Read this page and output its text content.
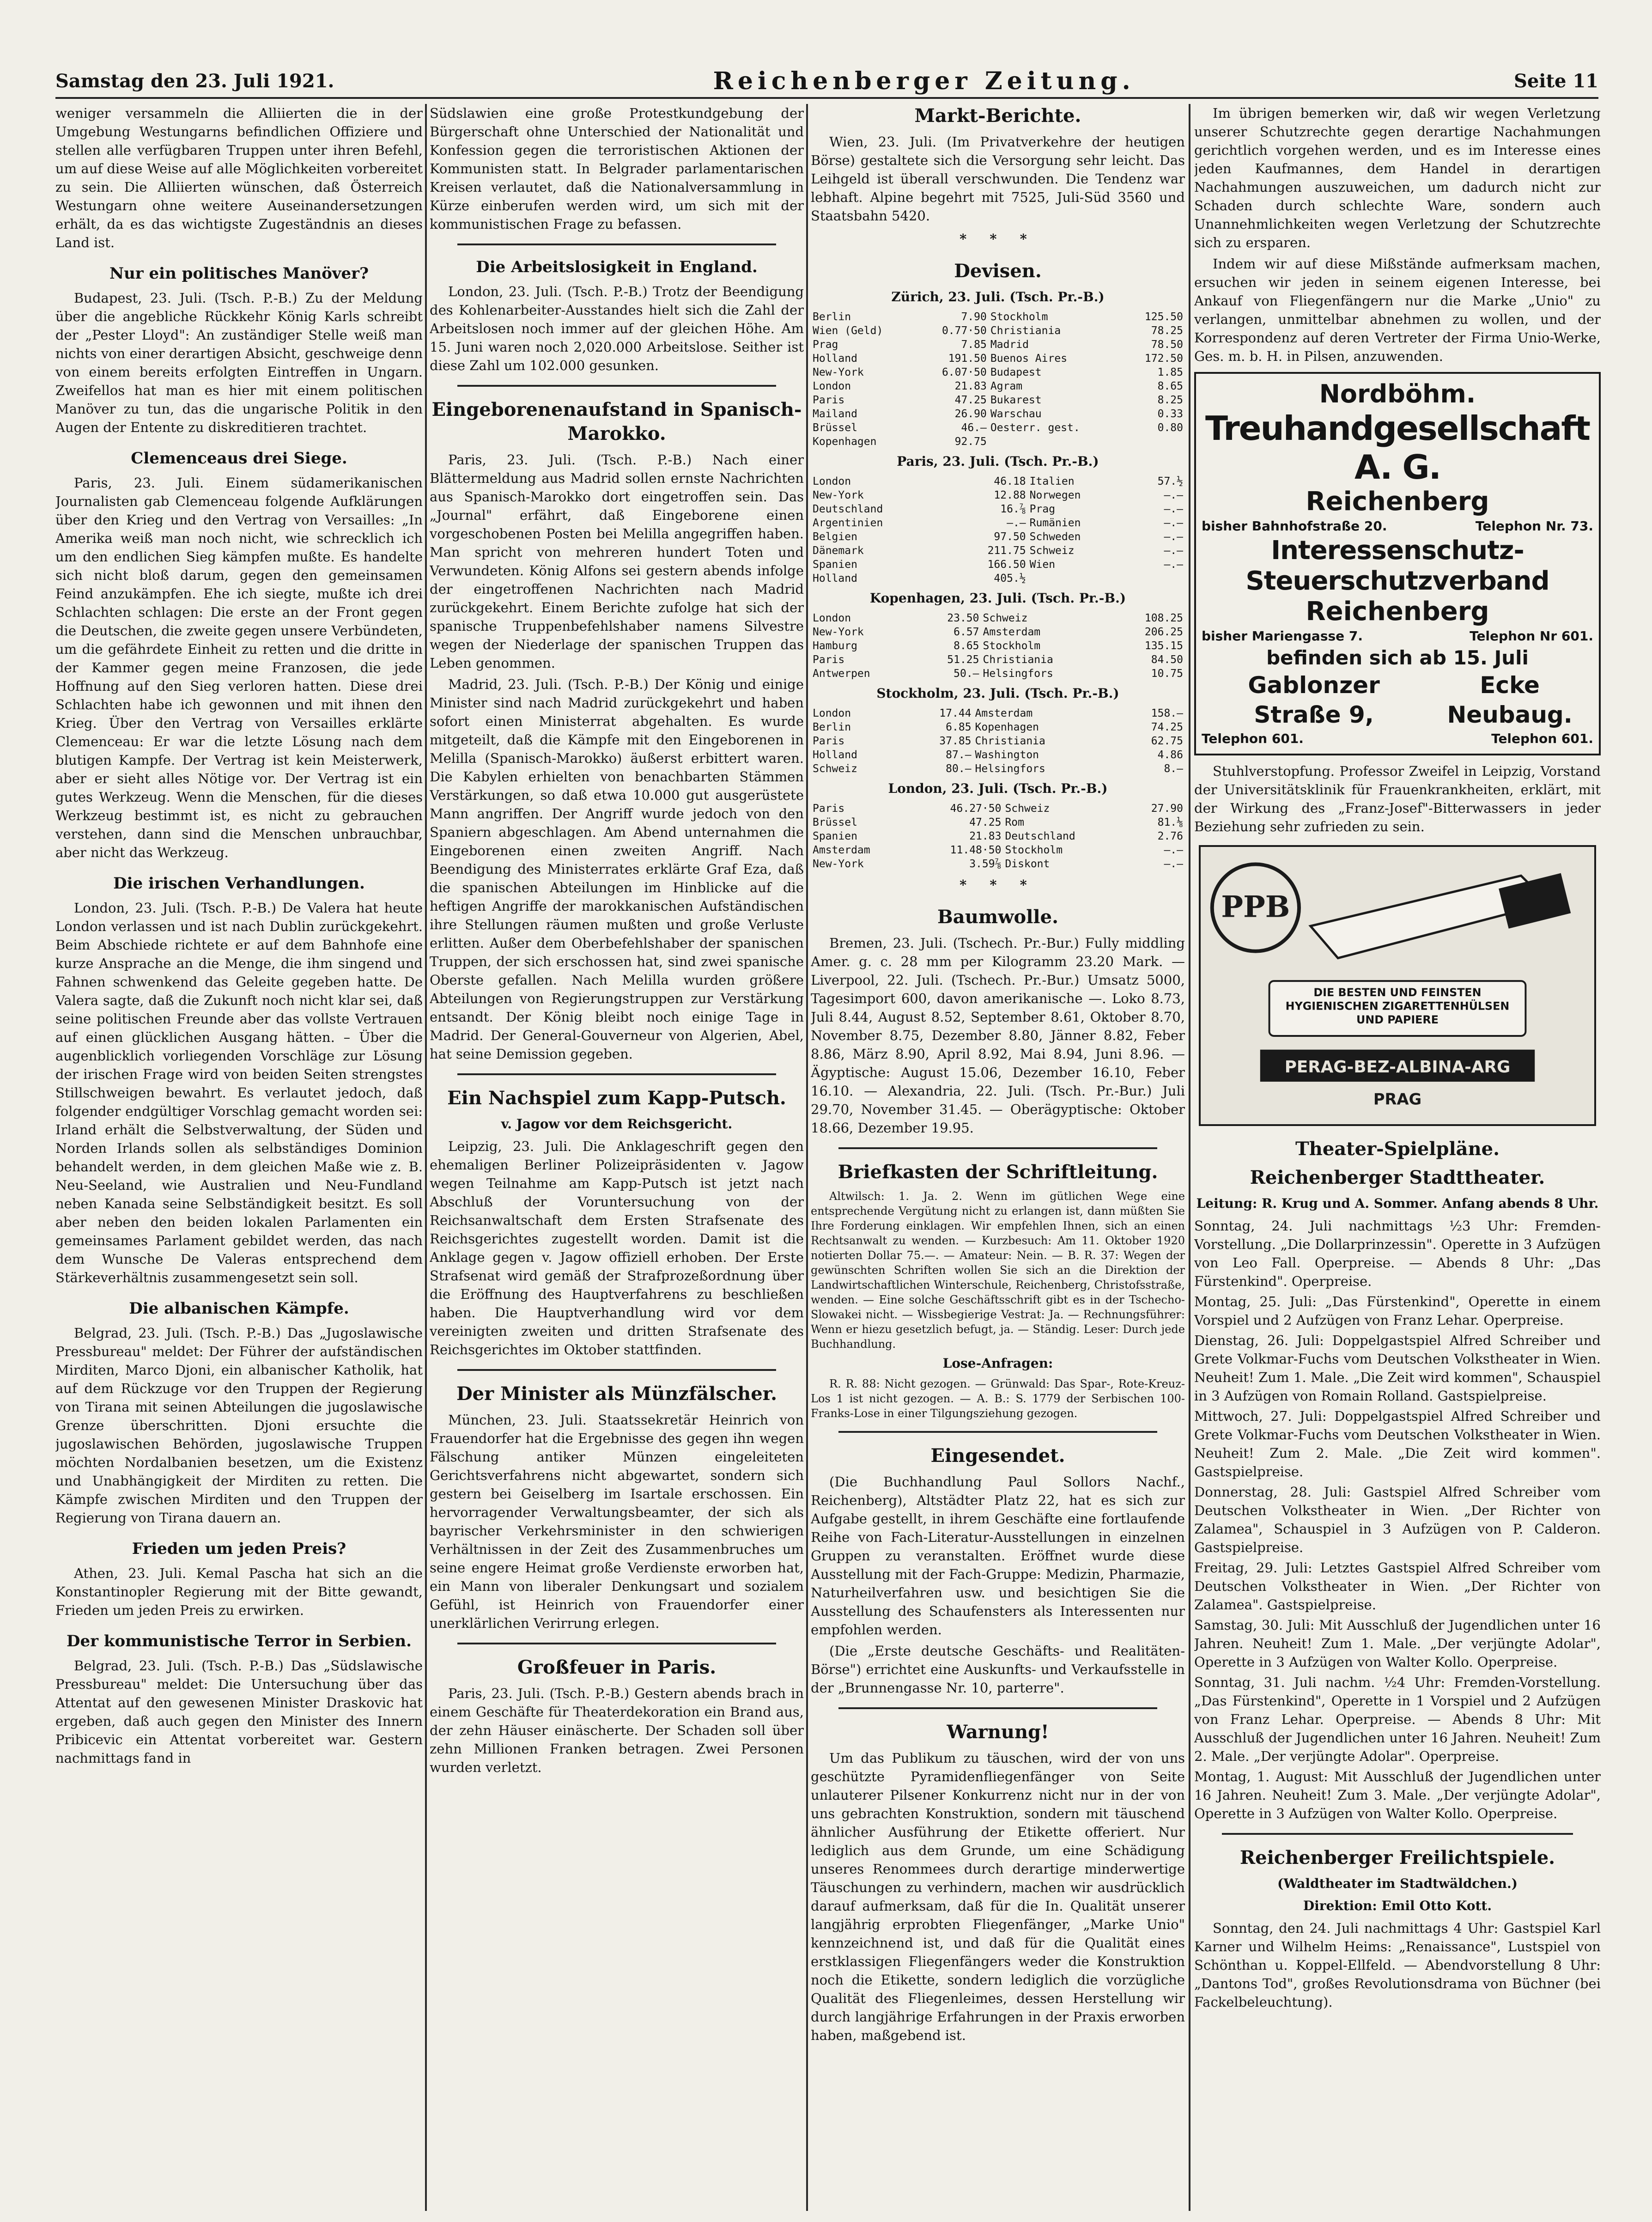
Samstag den 23. Juli 1921.	Reichenberger Zeitung.	Seite 11

weniger versammeln die Alliierten die in der Umgebung Westungarns befindlichen Offiziere und stellen alle verfügbaren Truppen unter ihren Befehl, um auf diese Weise auf alle Möglichkeiten vorbereitet zu sein. Die Alliierten wünschen, daß Österreich Westungarn ohne weitere Auseinandersetzungen erhält, da es das wichtigste Zugeständnis an dieses Land ist.

Nur ein politisches Manöver?

Budapest, 23. Juli. (Tsch. P.-B.) Zu der Meldung über die angebliche Rückkehr König Karls schreibt der „Pester Lloyd": An zuständiger Stelle weiß man nichts von einer derartigen Absicht, geschweige denn von einem bereits erfolgten Eintreffen in Ungarn. Zweifellos hat man es hier mit einem politischen Manöver zu tun, das die ungarische Politik in den Augen der Entente zu diskreditieren trachtet.

Clemenceaus drei Siege.

Paris, 23. Juli. Einem südamerikanischen Journalisten gab Clemenceau folgende Aufklärungen über den Krieg und den Vertrag von Versailles: „In Amerika weiß man noch nicht, wie schrecklich ich um den endlichen Sieg kämpfen mußte. Es handelte sich nicht bloß darum, gegen den gemeinsamen Feind anzukämpfen. Ehe ich siegte, mußte ich drei Schlachten schlagen: Die erste an der Front gegen die Deutschen, die zweite gegen unsere Verbündeten, um die gefährdete Einheit zu retten und die dritte in der Kammer gegen meine Franzosen, die jede Hoffnung auf den Sieg verloren hatten. Diese drei Schlachten habe ich gewonnen und mit ihnen den Krieg. Über den Vertrag von Versailles erklärte Clemenceau: Er war die letzte Lösung nach dem blutigen Kampfe. Der Vertrag ist kein Meisterwerk, aber er sieht alles Nötige vor. Der Vertrag ist ein gutes Werkzeug. Wenn die Menschen, für die dieses Werkzeug bestimmt ist, es nicht zu gebrauchen verstehen, dann sind die Menschen unbrauchbar, aber nicht das Werkzeug.

Die irischen Verhandlungen.

London, 23. Juli. (Tsch. P.-B.) De Valera hat heute London verlassen und ist nach Dublin zurückgekehrt. Beim Abschiede richtete er auf dem Bahnhofe eine kurze Ansprache an die Menge, die ihm singend und Fahnen schwenkend das Geleite gegeben hatte. De Valera sagte, daß die Zukunft noch nicht klar sei, daß seine politischen Freunde aber das vollste Vertrauen auf einen glücklichen Ausgang hätten. – Über die augenblicklich vorliegenden Vorschläge zur Lösung der irischen Frage wird von beiden Seiten strengstes Stillschweigen bewahrt. Es verlautet jedoch, daß folgender endgültiger Vorschlag gemacht worden sei: Irland erhält die Selbstverwaltung, der Süden und Norden Irlands sollen als selbständiges Dominion behandelt werden, in dem gleichen Maße wie z. B. Neu-Seeland, wie Australien und Neu-Fundland neben Kanada seine Selbständigkeit besitzt. Es soll aber neben den beiden lokalen Parlamenten ein gemeinsames Parlament gebildet werden, das nach dem Wunsche De Valeras entsprechend dem Stärkeverhältnis zusammengesetzt sein soll.

Die albanischen Kämpfe.

Belgrad, 23. Juli. (Tsch. P.-B.) Das „Jugoslawische Pressbureau" meldet: Der Führer der aufständischen Mirditen, Marco Djoni, ein albanischer Katholik, hat auf dem Rückzuge vor den Truppen der Regierung von Tirana mit seinen Abteilungen die jugoslawische Grenze überschritten. Djoni ersuchte die jugoslawischen Behörden, jugoslawische Truppen möchten Nordalbanien besetzen, um die Existenz und Unabhängigkeit der Mirditen zu retten. Die Kämpfe zwischen Mirditen und den Truppen der Regierung von Tirana dauern an.

Frieden um jeden Preis?

Athen, 23. Juli. Kemal Pascha hat sich an die Konstantinopler Regierung mit der Bitte gewandt, Frieden um jeden Preis zu erwirken.

Der kommunistische Terror in Serbien.

Belgrad, 23. Juli. (Tsch. P.-B.) Das „Südslawische Pressbureau" meldet: Die Untersuchung über das Attentat auf den gewesenen Minister Draskovic hat ergeben, daß auch gegen den Minister des Innern Pribicevic ein Attentat vorbereitet war. Gestern nachmittags fand in

Südslawien eine große Protestkundgebung der Bürgerschaft ohne Unterschied der Nationalität und Konfession gegen die terroristischen Aktionen der Kommunisten statt. In Belgrader parlamentarischen Kreisen verlautet, daß die Nationalversammlung in Kürze einberufen werden wird, um sich mit der kommunistischen Frage zu befassen.

Die Arbeitslosigkeit in England.

London, 23. Juli. (Tsch. P.-B.) Trotz der Beendigung des Kohlenarbeiter-Ausstandes hielt sich die Zahl der Arbeitslosen noch immer auf der gleichen Höhe. Am 15. Juni waren noch 2,020.000 Arbeitslose. Seither ist diese Zahl um 102.000 gesunken.

Eingeborenenaufstand in Spanisch-Marokko.

Paris, 23. Juli. (Tsch. P.-B.) Nach einer Blättermeldung aus Madrid sollen ernste Nachrichten aus Spanisch-Marokko dort eingetroffen sein. Das „Journal" erfährt, daß Eingeborene einen vorgeschobenen Posten bei Melilla angegriffen haben. Man spricht von mehreren hundert Toten und Verwundeten. König Alfons sei gestern abends infolge der eingetroffenen Nachrichten nach Madrid zurückgekehrt. Einem Berichte zufolge hat sich der spanische Truppenbefehlshaber namens Silvestre wegen der Niederlage der spanischen Truppen das Leben genommen.

Madrid, 23. Juli. (Tsch. P.-B.) Der König und einige Minister sind nach Madrid zurückgekehrt und haben sofort einen Ministerrat abgehalten. Es wurde mitgeteilt, daß die Kämpfe mit den Eingeborenen in Melilla (Spanisch-Marokko) äußerst erbittert waren. Die Kabylen erhielten von benachbarten Stämmen Verstärkungen, so daß etwa 10.000 gut ausgerüstete Mann angriffen. Der Angriff wurde jedoch von den Spaniern abgeschlagen. Am Abend unternahmen die Eingeborenen einen zweiten Angriff. Nach Beendigung des Ministerrates erklärte Graf Eza, daß die spanischen Abteilungen im Hinblicke auf die heftigen Angriffe der marokkanischen Aufständischen ihre Stellungen räumen mußten und große Verluste erlitten. Außer dem Oberbefehlshaber der spanischen Truppen, der sich erschossen hat, sind zwei spanische Oberste gefallen. Nach Melilla wurden größere Abteilungen von Regierungstruppen zur Verstärkung entsandt. Der König bleibt noch einige Tage in Madrid. Der General-Gouverneur von Algerien, Abel, hat seine Demission gegeben.

Ein Nachspiel zum Kapp-Putsch.
v. Jagow vor dem Reichsgericht.

Leipzig, 23. Juli. Die Anklageschrift gegen den ehemaligen Berliner Polizeipräsidenten v. Jagow wegen Teilnahme am Kapp-Putsch ist jetzt nach Abschluß der Voruntersuchung von der Reichsanwaltschaft dem Ersten Strafsenate des Reichsgerichtes zugestellt worden. Damit ist die Anklage gegen v. Jagow offiziell erhoben. Der Erste Strafsenat wird gemäß der Strafprozeßordnung über die Eröffnung des Hauptverfahrens zu beschließen haben. Die Hauptverhandlung wird vor dem vereinigten zweiten und dritten Strafsenate des Reichsgerichtes im Oktober stattfinden.

Der Minister als Münzfälscher.

München, 23. Juli. Staatssekretär Heinrich von Frauendorfer hat die Ergebnisse des gegen ihn wegen Fälschung antiker Münzen eingeleiteten Gerichtsverfahrens nicht abgewartet, sondern sich gestern bei Geiselberg im Isartale erschossen. Ein hervorragender Verwaltungsbeamter, der sich als bayrischer Verkehrsminister in den schwierigen Verhältnissen in der Zeit des Zusammenbruches um seine engere Heimat große Verdienste erworben hat, ein Mann von liberaler Denkungsart und sozialem Gefühl, ist Heinrich von Frauendorfer einer unerklärlichen Verirrung erlegen.

Großfeuer in Paris.

Paris, 23. Juli. (Tsch. P.-B.) Gestern abends brach in einem Geschäfte für Theaterdekoration ein Brand aus, der zehn Häuser einäscherte. Der Schaden soll über zehn Millionen Franken betragen. Zwei Personen wurden verletzt.

Markt-Berichte.

Wien, 23. Juli. (Im Privatverkehre der heutigen Börse) gestaltete sich die Versorgung sehr leicht. Das Leihgeld ist überall verschwunden. Die Tendenz war lebhaft. Alpine begehrt mit 7525, Juli-Süd 3560 und Staatsbahn 5420.

* * *
Devisen.
Zürich, 23. Juli. (Tsch. Pr.-B.)
Berlin	7.90	Stockholm	125.50
Wien (Geld)	0.77·50	Christiania	78.25
Prag	7.85	Madrid	78.50
Holland	191.50	Buenos Aires	172.50
New-York	6.07·50	Budapest	1.85
London	21.83	Agram	8.65
Paris	47.25	Bukarest	8.25
Mailand	26.90	Warschau	0.33
Brüssel	46.–	Oesterr. gest.	0.80
Kopenhagen	92.75		
Paris, 23. Juli. (Tsch. Pr.-B.)
London	46.18	Italien	57.½
New-York	12.88	Norwegen	–.–
Deutschland	16.⅞	Prag	–.–
Argentinien	–.–	Rumänien	–.–
Belgien	97.50	Schweden	–.–
Dänemark	211.75	Schweiz	–.–
Spanien	166.50	Wien	–.–
Holland	405.½		
Kopenhagen, 23. Juli. (Tsch. Pr.-B.)
London	23.50	Schweiz	108.25
New-York	6.57	Amsterdam	206.25
Hamburg	8.65	Stockholm	135.15
Paris	51.25	Christiania	84.50
Antwerpen	50.–	Helsingfors	10.75
Stockholm, 23. Juli. (Tsch. Pr.-B.)
London	17.44	Amsterdam	158.–
Berlin	6.85	Kopenhagen	74.25
Paris	37.85	Christiania	62.75
Holland	87.–	Washington	4.86
Schweiz	80.–	Helsingfors	8.–
London, 23. Juli. (Tsch. Pr.-B.)
Paris	46.27·50	Schweiz	27.90
Brüssel	47.25	Rom	81.⅛
Spanien	21.83	Deutschland	2.76
Amsterdam	11.48·50	Stockholm	–.–
New-York	3.59⅞	Diskont	–.–
* * *
Baumwolle.

Bremen, 23. Juli. (Tschech. Pr.-Bur.) Fully middling Amer. g. c. 28 mm per Kilogramm 23.20 Mark. — Liverpool, 22. Juli. (Tschech. Pr.-Bur.) Umsatz 5000, Tagesimport 600, davon amerikanische —. Loko 8.73, Juli 8.44, August 8.52, September 8.61, Oktober 8.70, November 8.75, Dezember 8.80, Jänner 8.82, Feber 8.86, März 8.90, April 8.92, Mai 8.94, Juni 8.96. — Ägyptische: August 15.06, Dezember 16.10, Feber 16.10. — Alexandria, 22. Juli. (Tsch. Pr.-Bur.) Juli 29.70, November 31.45. — Oberägyptische: Oktober 18.66, Dezember 19.95.

Briefkasten der Schriftleitung.

Altwilsch: 1. Ja. 2. Wenn im gütlichen Wege eine entsprechende Vergütung nicht zu erlangen ist, dann müßten Sie Ihre Forderung einklagen. Wir empfehlen Ihnen, sich an einen Rechtsanwalt zu wenden. — Kurzbesuch: Am 11. Oktober 1920 notierten Dollar 75.—. — Amateur: Nein. — B. R. 37: Wegen der gewünschten Schriften wollen Sie sich an die Direktion der Landwirtschaftlichen Winterschule, Reichenberg, Christofsstraße, wenden. — Eine solche Geschäftsschrift gibt es in der Tschecho-Slowakei nicht. — Wissbegierige Vestrat: Ja. — Rechnungsführer: Wenn er hiezu gesetzlich befugt, ja. — Ständig. Leser: Durch jede Buchhandlung.

Lose-Anfragen:

R. R. 88: Nicht gezogen. — Grünwald: Das Spar-, Rote-Kreuz-Los 1 ist nicht gezogen. — A. B.: S. 1779 der Serbischen 100-Franks-Lose in einer Tilgungsziehung gezogen.

Eingesendet.

(Die Buchhandlung Paul Sollors Nachf., Reichenberg), Altstädter Platz 22, hat es sich zur Aufgabe gestellt, in ihrem Geschäfte eine fortlaufende Reihe von Fach-Literatur-Ausstellungen in einzelnen Gruppen zu veranstalten. Eröffnet wurde diese Ausstellung mit der Fach-Gruppe: Medizin, Pharmazie, Naturheilverfahren usw. und besichtigen Sie die Ausstellung des Schaufensters als Interessenten nur empfohlen werden.

(Die „Erste deutsche Geschäfts- und Realitäten-Börse") errichtet eine Auskunfts- und Verkaufsstelle in der „Brunnengasse Nr. 10, parterre".

Warnung!

Um das Publikum zu täuschen, wird der von uns geschützte Pyramidenfliegenfänger von Seite unlauterer Pilsener Konkurrenz nicht nur in der von uns gebrachten Konstruktion, sondern mit täuschend ähnlicher Ausführung der Etikette offeriert. Nur lediglich aus dem Grunde, um eine Schädigung unseres Renommees durch derartige minderwertige Täuschungen zu verhindern, machen wir ausdrücklich darauf aufmerksam, daß für die In. Qualität unserer langjährig erprobten Fliegenfänger, „Marke Unio" kennzeichnend ist, und daß für die Qualität eines erstklassigen Fliegenfängers weder die Konstruktion noch die Etikette, sondern lediglich die vorzügliche Qualität des Fliegenleimes, dessen Herstellung wir durch langjährige Erfahrungen in der Praxis erworben haben, maßgebend ist.

Im übrigen bemerken wir, daß wir wegen Verletzung unserer Schutzrechte gegen derartige Nachahmungen gerichtlich vorgehen werden, und es im Interesse eines jeden Kaufmannes, dem Handel in derartigen Nachahmungen auszuweichen, um dadurch nicht zur Schaden durch schlechte Ware, sondern auch Unannehmlichkeiten wegen Verletzung der Schutzrechte sich zu ersparen.

Indem wir auf diese Mißstände aufmerksam machen, ersuchen wir jeden in seinem eigenen Interesse, bei Ankauf von Fliegenfängern nur die Marke „Unio" zu verlangen, unmittelbar abnehmen zu wollen, und der Korrespondenz auf deren Vertreter der Firma Unio-Werke, Ges. m. b. H. in Pilsen, anzuwenden.

Nordböhm.
Treuhandgesellschaft A. G.
Reichenberg
bisher Bahnhofstraße 20.	Telephon Nr. 73.
Interessenschutz-Steuerschutzverband
Reichenberg
bisher Mariengasse 7.	Telephon Nr 601.
befinden sich ab 15. Juli
Gablonzer Straße 9,
Ecke Neubaug.
Telephon 601.	Telephon 601.

Stuhlverstopfung. Professor Zweifel in Leipzig, Vorstand der Universitätsklinik für Frauenkrankheiten, erklärt, mit der Wirkung des „Franz-Josef"-Bitterwassers in jeder Beziehung sehr zufrieden zu sein.

PPB
DIE BESTEN UND FEINSTEN HYGIENISCHEN ZIGARETTENHÜLSEN UND PAPIERE
PERAG-BEZ-ALBINA-ARG
PRAG
Theater-Spielpläne.
Reichenberger Stadttheater.
Leitung: R. Krug und A. Sommer. Anfang abends 8 Uhr.

Sonntag, 24. Juli nachmittags ½3 Uhr: Fremden-Vorstellung. „Die Dollarprinzessin". Operette in 3 Aufzügen von Leo Fall. Operpreise. — Abends 8 Uhr: „Das Fürstenkind". Operpreise.

Montag, 25. Juli: „Das Fürstenkind", Operette in einem Vorspiel und 2 Aufzügen von Franz Lehar. Operpreise.

Dienstag, 26. Juli: Doppelgastspiel Alfred Schreiber und Grete Volkmar-Fuchs vom Deutschen Volkstheater in Wien. Neuheit! Zum 1. Male. „Die Zeit wird kommen", Schauspiel in 3 Aufzügen von Romain Rolland. Gastspielpreise.

Mittwoch, 27. Juli: Doppelgastspiel Alfred Schreiber und Grete Volkmar-Fuchs vom Deutschen Volkstheater in Wien. Neuheit! Zum 2. Male. „Die Zeit wird kommen". Gastspielpreise.

Donnerstag, 28. Juli: Gastspiel Alfred Schreiber vom Deutschen Volkstheater in Wien. „Der Richter von Zalamea", Schauspiel in 3 Aufzügen von P. Calderon. Gastspielpreise.

Freitag, 29. Juli: Letztes Gastspiel Alfred Schreiber vom Deutschen Volkstheater in Wien. „Der Richter von Zalamea". Gastspielpreise.

Samstag, 30. Juli: Mit Ausschluß der Jugendlichen unter 16 Jahren. Neuheit! Zum 1. Male. „Der verjüngte Adolar", Operette in 3 Aufzügen von Walter Kollo. Operpreise.

Sonntag, 31. Juli nachm. ½4 Uhr: Fremden-Vorstellung. „Das Fürstenkind", Operette in 1 Vorspiel und 2 Aufzügen von Franz Lehar. Operpreise. — Abends 8 Uhr: Mit Ausschluß der Jugendlichen unter 16 Jahren. Neuheit! Zum 2. Male. „Der verjüngte Adolar". Operpreise.

Montag, 1. August: Mit Ausschluß der Jugendlichen unter 16 Jahren. Neuheit! Zum 3. Male. „Der verjüngte Adolar", Operette in 3 Aufzügen von Walter Kollo. Operpreise.

Reichenberger Freilichtspiele.
(Waldtheater im Stadtwäldchen.)
Direktion: Emil Otto Kott.

Sonntag, den 24. Juli nachmittags 4 Uhr: Gastspiel Karl Karner und Wilhelm Heims: „Renaissance", Lustspiel von Schönthan u. Koppel-Ellfeld. — Abendvorstellung 8 Uhr: „Dantons Tod", großes Revolutionsdrama von Büchner (bei Fackelbeleuchtung).
